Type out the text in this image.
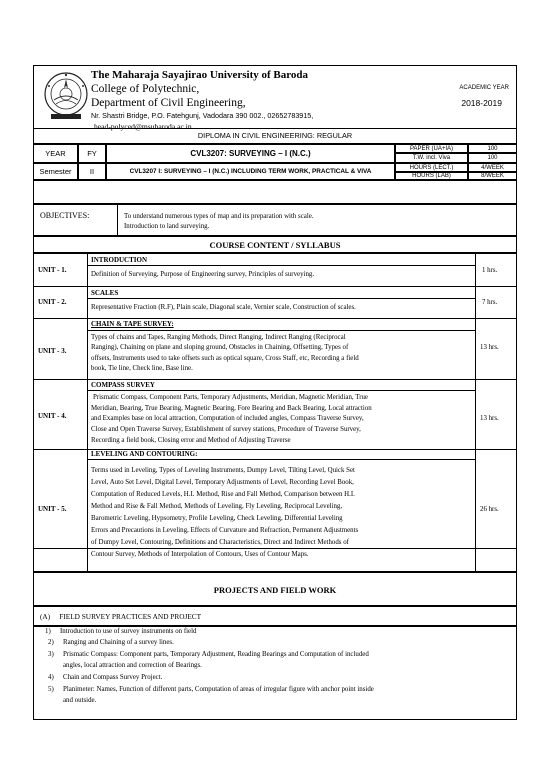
The Maharaja Sayajirao University of Baroda
College of Polytechnic,
Department of Civil Engineering,
Nr. Shastri Bridge, P.O. Fatehgunj, Vadodara 390 002., 02652783915,
head-polyced@msubaroda.ac.in
ACADEMIC YEAR
2018-2019
DIPLOMA IN CIVIL ENGINEERING: REGULAR
YEAR	FY	CVL3207: SURVEYING – I (N.C.)
Semester	II	CVL3207 I: SURVEYING – I (N.C.) INCLUDING TERM WORK, PRACTICAL & VIVA
PAPER (UA+IA)	100
T.W. incl. Viva	100
HOURS (LECT.)	4/WEEK
HOURS (LAB)	8/WEEK
OBJECTIVES:	To understand numerous types of map and its preparation with scale.
Introduction to land surveying.
COURSE CONTENT / SYLLABUS
UNIT - 1.
INTRODUCTION
Definition of Surveying, Purpose of Engineering survey, Principles of surveying.
1 hrs.
UNIT - 2.
SCALES
Representative Fraction (R.F), Plain scale, Diagonal scale, Vernier scale, Construction of scales.
7 hrs.
UNIT - 3.
CHAIN & TAPE SURVEY:
Types of chains and Tapes, Ranging Methods, Direct Ranging, Indirect Ranging (Reciprocal
Ranging), Chaining on plane and sloping ground, Obstacles in Chaining, Offsetting, Types of
offsets, Instruments used to take offsets such as optical square, Cross Staff, etc, Recording a field
book, Tie line, Check line, Base line.
13 hrs.
UNIT - 4.
COMPASS SURVEY
Prismatic Compass, Component Parts, Temporary Adjustments, Meridian, Magnetic Meridian, True
Meridian, Bearing, True Bearing, Magnetic Bearing, Fore Bearing and Back Bearing, Local attraction
and Examples base on local attraction, Computation of included angles, Compass Traverse Survey,
Close and Open Traverse Survey, Establishment of survey stations, Procedure of Traverse Survey,
Recording a field book, Closing error and Method of Adjusting Traverse
13 hrs.
UNIT - 5.
LEVELING AND CONTOURING:
Terms used in Leveling, Types of Leveling Instruments, Dumpy Level, Tilting Level, Quick Set
Level, Auto Set Level, Digital Level, Temporary Adjustments of Level, Recording Level Book,
Computation of Reduced Levels, H.I. Method, Rise and Fall Method, Comparison between H.I.
Method and Rise & Fall Method, Methods of Leveling, Fly Leveling, Reciprocal Leveling,
Barometric Leveling, Hypsometry, Profile Leveling, Check Leveling, Differential Leveling
Errors and Precautions in Leveling, Effects of Curvature and Refraction, Permanent Adjustments
of Dumpy Level, Contouring, Definitions and Characteristics, Direct and Indirect Methods of
Contour Survey, Methods of Interpolation of Contours, Uses of Contour Maps.
26 hrs.
PROJECTS AND FIELD WORK
(A)     FIELD SURVEY PRACTICES AND PROJECT
1) Introduction to use of survey instruments on field
2) Ranging and Chaining of a survey lines.
3) Prismatic Compass: Component parts, Temporary Adjustment, Reading Bearings and Computation of included
angles, local attraction and correction of Bearings.
4) Chain and Compass Survey Project.
5) Planimeter: Names, Function of different parts, Computation of areas of irregular figure with anchor point inside
and outside.
